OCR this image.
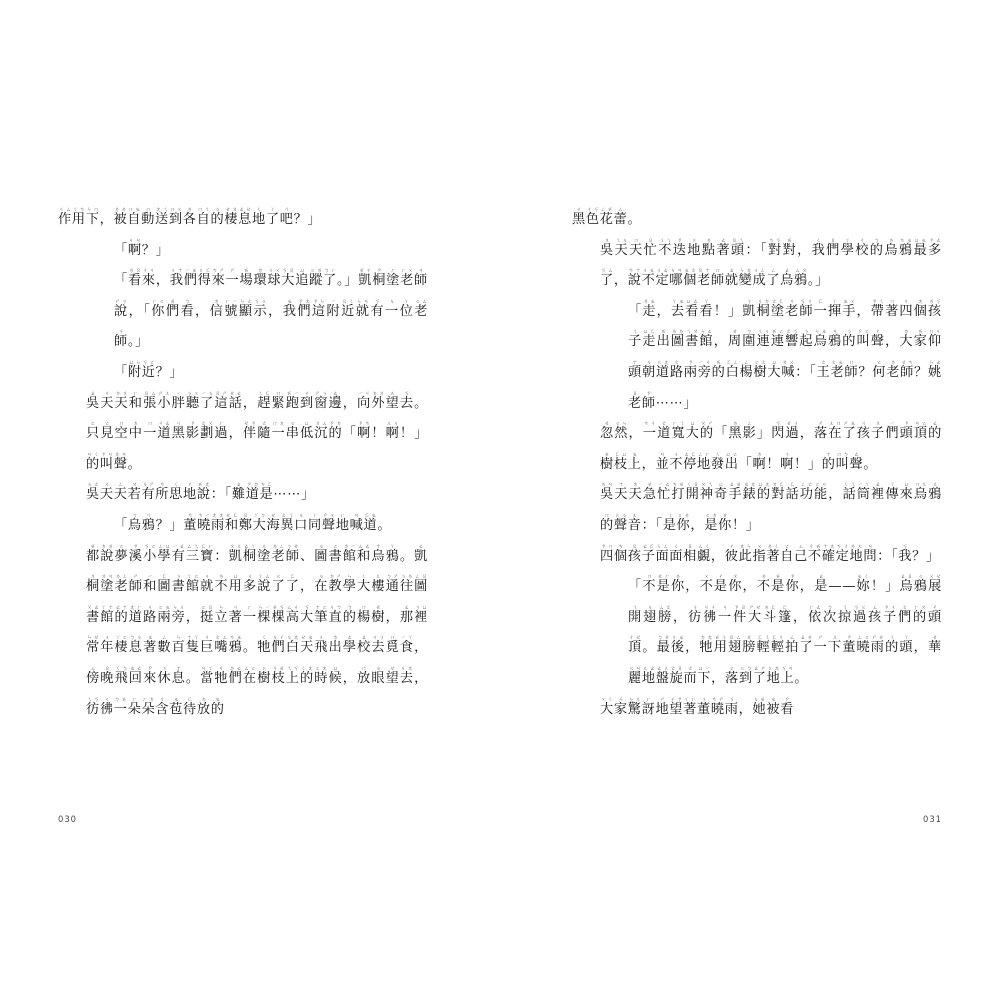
作ㄐㄙ用ㄚㄘ下ㄣㄇ，被ㄌㄌ自ㄇㄓ動ㄇ送ㄤㄟ到ㄇㄨ各ㄌ自ㄇㄟ的ㄆ棲ㄝㄡ息ㄠㄝ地ㄑ了ㄚ吧ㄐ？」

「啊ㄐㄢ？」

「看ㄌㄖ來ㄔㄐ，我ㄨㄒ們ㄧㄓ得ㄍㄈ來ㄘㄕ一ㄕ場ㄞ環ㄉ球ㄨㄨ大ㄎㄖ追ㄩ蹤ㄍㄌ了ㄅㄏ。」凱ㄞㄔ桐ㄗ塗ㄏ老ㄏㄨ師ㄢ說ㄕㄋ，「你ㄏㄍ們ㄞ看ㄅ，信ㄉ號ㄏㄧ顯ㄣㄜ示ㄎㄍ，我ㄓ們ㄗㄤ這ㄗㄣ附ㄧ近ㄖㄑ就ㄣㄢ有ㄎ一ㄆ位ㄚ老ㄍㄙ師ㄋ。」

「附ㄩㄣ近ㄎㄛ？」

吳ㄠ天ㄐ天ㄉㄡ和ㄏ張ㄖㄙ小ㄕㄦ胖ㄧ聽ㄋㄨ了ㄧㄆ這ㄖㄕ話ㄝㄊ，趕ㄑㄈ緊ㄇ跑ㄞㄧ到ㄔ窗ㄕㄋ邊ㄊ，向ㄧㄐ外ㄉㄡ望ㄦ去ㄎ。只ㄛ見ㄛ空ㄇ中ㄉ一ㄇ道ㄐㄊ黑ㄐ影ㄗ劃ㄜㄨ過ㄏ，伴ㄝㄗ隨ㄜ一ㄇㄉ串ㄍ低ㄩ沉ㄡㄙ的ㄗㄉ「啊ㄗㄘ！啊ㄦㄨ！」的ㄢㄑ叫ㄗㄢ聲ㄤㄢ。

吳ㄆㄜ天ㄨ天ㄥ若ㄡ有ㄆㄕ所ㄘ思ㄑ地ㄔ說ㄞㄤ：「難ㄠ道ㄗㄉ是ㄘㄈ⋯⋯」

「烏ㄅ鴉ㄐ？」董ㄘ曉ㄘㄧ雨ㄤㄤ和ㄝㄈ鄭ㄖ大ㄚㄅ海ㄝ異ㄜㄟ口ㄆ同ㄚ聲ㄕㄨ地ㄏ喊ㄢ道ㄈㄓ。

都ㄞ說ㄉㄌ夢ㄛ溪ㄗ小ㄎㄛ學ㄥㄩ有ㄧㄠ三ㄙㄟ寶ㄈㄏ：凱ㄡㄦ桐ㄊㄚ塗ㄦ老ㄌㄥ師ㄋㄝ、圖ㄆ書ㄛ館ㄉㄧ和ㄙㄊ烏ㄒ鴉ㄚ。凱ㄊ桐ㄡ塗ㄡㄢ老ㄌㄥ師ㄕ和ㄧ圖ㄈ書ㄋ館ㄚㄛ就ㄨ不ㄌ用ㄩ多ㄨ說ㄚㄙ了ㄍ了ㄈ，在ㄆ教ㄉㄕ學ㄣ大ㄑ樓ㄦ通ㄅㄕ往ㄋㄌ圖ㄥㄖ書ㄨㄠ館ㄚㄒ的ㄊㄒ道ㄤㄏ路ㄐ兩ㄛㄓ旁ㄣㄨ，挺ㄛㄖ立ㄣ著ㄐ一ㄏ棵ㄣㄧ棵ㄞㄎ高ㄙㄔ大ㄎ筆ㄒㄛ直ㄐㄅ的ㄅ楊ㄇ樹ㄝ，那ㄊ裡ㄋㄩ常ㄣㄝ年ㄨ棲ㄚㄛ息ㄅㄆ著ㄓ數ㄥ百ㄣ隻ㄒㄚ巨ㄐ嘴ㄜㄙ鴉ㄘㄓ。牠ㄑ們ㄆㄔ白ㄆㄤ天ㄝㄓ飛ㄨ出ㄉ學ㄊ校ㄠ去ㄐㄋ覓ㄇ食ㄧㄚ，傍ㄙ晚ㄖ飛ㄑㄅ回ㄓㄊ來ㄗ休ㄋ息ㄒ。當ㄢㄚ牠ㄐ們ㄉㄊ在ㄙㄛ樹ㄍ枝ㄐㄞ上ㄟㄎ的ㄑㄤ時ㄛㄤ候ㄩ，放ㄇ眼ㄆ望ㄝ去ㄐㄤ，彷ㄟㄎ彿ㄨ一ㄅㄞ朵ㄏ朵ㄏㄉ含ㄐ苞ㄓ待ㄈ放ㄉ的ㄓ

030

黑ㄔ色ㄔㄎ花ㄥㄞ蕾ㄙ。

吳ㄡ天ㄟㄆ天ㄇ忙ㄖ不ㄟㄟ迭ㄗ地ㄨ點ㄌ著ㄊ頭ㄖㄟ：「對ㄘㄎ對ㄞ，我ㄑ們ㄖ學ㄚ校ㄔ的ㄅ烏ㄌ鴉ㄘㄓ最ㄩㄓ多ㄗㄊ了ㄎㄙ，說ㄘㄒ不ㄨㄓ定ㄨㄊ哪ㄆㄢ個ㄓㄜ老ㄖㄒ師ㄇ就ㄠ變ㄣㄤ成ㄨㄥ了ㄥ烏ㄠ鴉ㄙㄡ。」

「走ㄌㄓ，去ㄚㄓ看ㄩㄊ看ㄚ！」凱ㄋ桐ㄐㄉ塗ㄜㄈ老ㄐ師ㄎㄐ一ㄈ揮ㄚ手ㄓㄨ，帶ㄗㄟ著ㄇ四ㄐ個ㄤ孩ㄌㄎ子ㄟ走ㄩㄈ出ㄞ圖ㄌㄌ書ㄟㄡ館ㄣㄊ，周ㄝ圍ㄅ連ㄟㄨ連ㄞㄛ響ㄜㄎ起ㄋ烏ㄣㄓ鴉ㄢ的ㄋ叫ㄗㄛ聲ㄔ，大ㄌ家ㄞ仰ㄇㄐ頭ㄒ朝ㄆ道ㄍㄤ路ㄜ兩ㄗ旁ㄧㄐ的ㄞ白ㄈㄥ楊ㄥ樹ㄛㄜ大ㄩ喊ㄌㄨ：「王ㄜ老ㄜㄓ師ㄇ？何ㄛ老ㄉ師ㄝㄘ？姚ㄣㄠ老ㄖ師ㄗ⋯⋯」

忽ㄝ然ㄍㄣ，一ㄘㄔ道ㄜ寬ㄏㄟ大ㄩ的ㄡㄕ「黑ㄌ影ㄥ」閃ㄎ過ㄝㄋ，落ㄕ在ㄦㄇ了ㄕㄓ孩ㄐ子ㄡ們ㄧ頭ㄗ頂ㄢㄛ的ㄊ樹ㄞ枝ㄈㄩ上ㄓ，並ㄢ不ㄨ停ㄊㄈ地ㄥㄏ發ㄑ出ㄩㄛ「啊ㄉ！啊ㄋ！」的ㄒ叫ㄇㄅ聲ㄊ。

吳ㄌㄢ天ㄒ天ㄉ急ㄝ忙ㄧㄊ打ㄘㄞ開ㄑㄖ神ㄡㄟ奇ㄩ手ㄠㄞ錶ㄓㄤ的ㄩㄤ對ㄡㄈ話ㄈ功ㄥㄜ能ㄛㄐ，話ㄑㄟ筒ㄧㄚ裡ㄠ傳ㄚ來ㄩ烏ㄇㄦ鴉ㄦ的ㄇ聲ㄍㄆ音ㄦ：「是ㄟ你ㄍㄌ，是ㄍㄉ你ㄝ！」

四ㄗㄇ個ㄘ孩ㄖ子ㄊㄈ面ㄣㄥ面ㄑ相ㄖ覷ㄙㄑ，彼ㄔ此ㄤㄣ指ㄨ著ㄌㄑ自ㄛ己ㄙ不ㄔㄞ確ㄒㄤ定ㄘㄔ地ㄌㄦ問ㄢ：「我ㄎ？」

「不ㄇ是ㄝㄏ你ㄌ，不ㄨ是ㄔ你ㄡ，不ㄌ是ㄞ你ㄗ，是ㄠ——妳ㄓㄑ！」烏ㄠㄖ鴉ㄍ展ㄨㄝ開ㄟ翅ㄆ膀ㄙㄜ，彷ㄋ彿ㄐㄔ一ㄐ件ㄗㄖ大ㄕㄝ斗ㄌㄈ篷ㄈ，依ㄏㄊ次ㄅ掠ㄟ過ㄎㄍ孩ㄙ子ㄗㄔ們ㄜ的ㄏㄡ頭ㄔ頂ㄔㄝ。最ㄅㄝ後ㄐㄓ，牠ㄉㄤ用ㄞㄋ翅ㄖㄙ膀ㄝ輕ㄈㄟ輕ㄈㄐ拍ㄙ了ㄠㄌ一ㄕ下ㄦ董ㄗ曉ㄥㄍ雨ㄕㄝ的ㄟ頭ㄚ，華ㄝ麗ㄍㄢ地ㄦㄠ盤ㄊㄍ旋ㄜㄖ而ㄜ下ㄩㄧ，落ㄛ到ㄍㄅ了ㄠㄕ地ㄍㄤ上ㄎㄢ。

大ㄨㄑ家ㄐ驚ㄣㄦ訝ㄏ地ㄕ望ㄔㄗ著ㄚㄏ董ㄋ曉ㄘㄕ雨ㄋ，她ㄆㄞ被ㄓ看ㄗ

031
